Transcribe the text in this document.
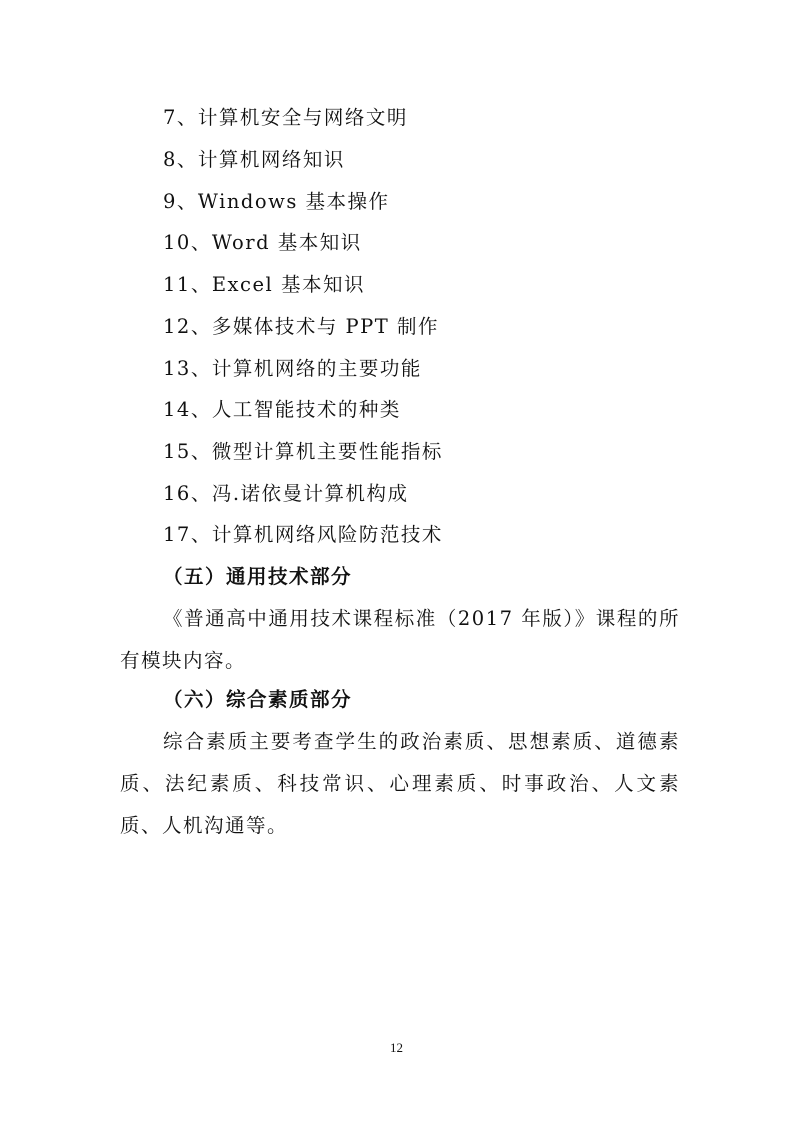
7、计算机安全与网络文明
8、计算机网络知识
9、Windows 基本操作
10、Word 基本知识
11、Excel 基本知识
12、多媒体技术与 PPT 制作
13、计算机网络的主要功能
14、人工智能技术的种类
15、微型计算机主要性能指标
16、冯.诺依曼计算机构成
17、计算机网络风险防范技术
（五）通用技术部分
《普通高中通用技术课程标准（2017 年版）》课程的所有模块内容。
（六）综合素质部分
综合素质主要考查学生的政治素质、思想素质、道德素质、法纪素质、科技常识、心理素质、时事政治、人文素质、人机沟通等。
12
